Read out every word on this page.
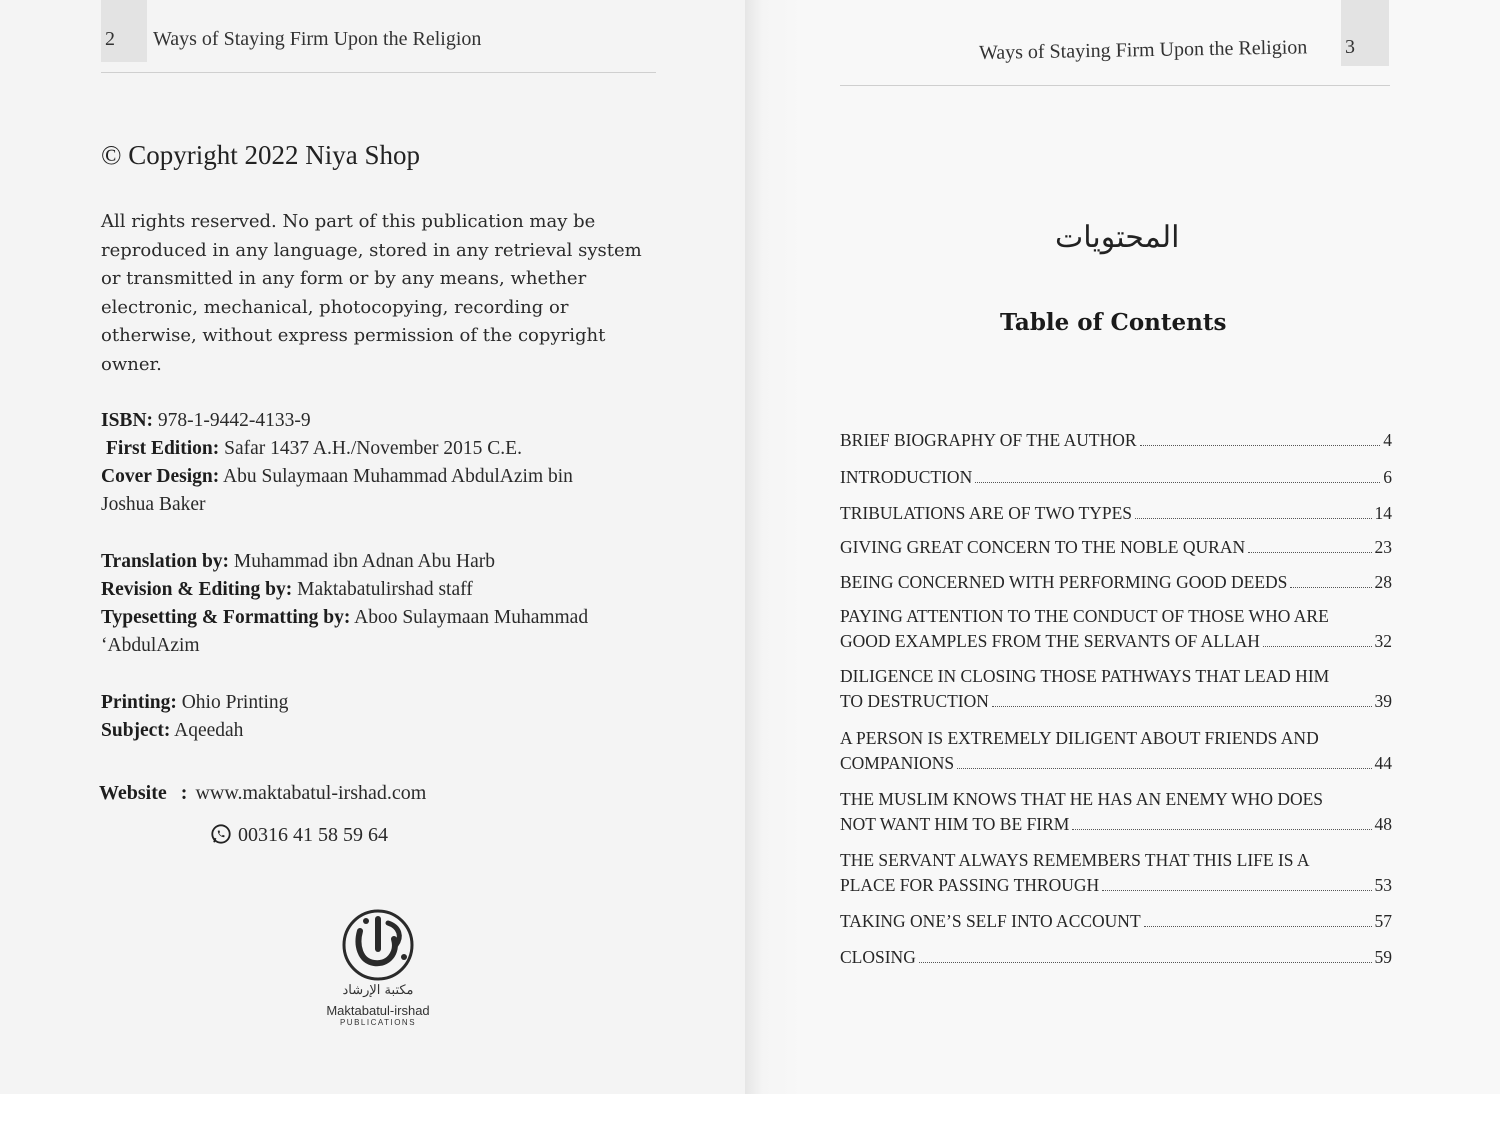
2 Ways of Staying Firm Upon the Religion
© Copyright 2022 Niya Shop
All rights reserved. No part of this publication may be reproduced in any language, stored in any retrieval system or transmitted in any form or by any means, whether electronic, mechanical, photocopying, recording or otherwise, without express permission of the copyright owner.
ISBN: 978-1-9442-4133-9
First Edition: Safar 1437 A.H./November 2015 C.E.
Cover Design: Abu Sulaymaan Muhammad AbdulAzim bin
Joshua Baker
Translation by: Muhammad ibn Adnan Abu Harb
Revision & Editing by: Maktabatulirshad staff
Typesetting & Formatting by: Aboo Sulaymaan Muhammad
‘AbdulAzim
Printing: Ohio Printing
Subject: Aqeedah
Website : www.maktabatul-irshad.com
00316 41 58 59 64
مكتبة الإرشاد
Maktabatul-irshad
PUBLICATIONS

Ways of Staying Firm Upon the Religion 3
المحتويات
Table of Contents
BRIEF BIOGRAPHY OF THE AUTHOR	4
INTRODUCTION	6
TRIBULATIONS ARE OF TWO TYPES	14
GIVING GREAT CONCERN TO THE NOBLE QURAN	23
BEING CONCERNED WITH PERFORMING GOOD DEEDS	28
PAYING ATTENTION TO THE CONDUCT OF THOSE WHO ARE
GOOD EXAMPLES FROM THE SERVANTS OF ALLAH	32
DILIGENCE IN CLOSING THOSE PATHWAYS THAT LEAD HIM
TO DESTRUCTION	39
A PERSON IS EXTREMELY DILIGENT ABOUT FRIENDS AND
COMPANIONS	44
THE MUSLIM KNOWS THAT HE HAS AN ENEMY WHO DOES
NOT WANT HIM TO BE FIRM	48
THE SERVANT ALWAYS REMEMBERS THAT THIS LIFE IS A
PLACE FOR PASSING THROUGH	53
TAKING ONE’S SELF INTO ACCOUNT	57
CLOSING	59
